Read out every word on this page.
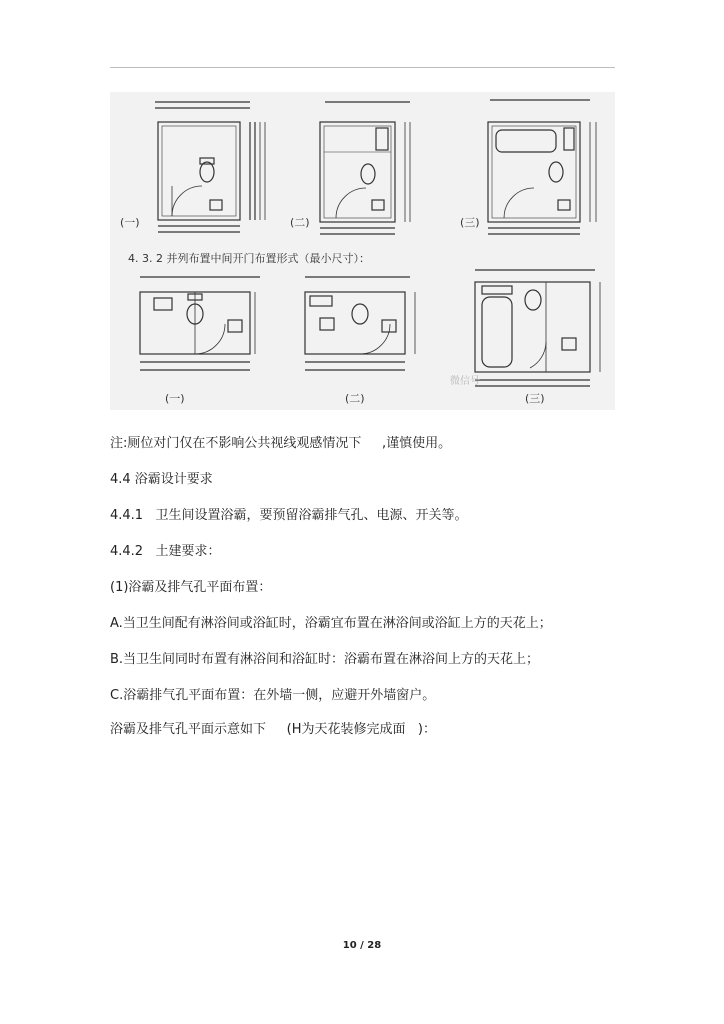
(一)	(二)	(三)
4. 3. 2 并列布置中间开门布置形式（最小尺寸）：
(一)	(二)	(三)
微信号
注:厕位对门仅在不影响公共视线观感情况下     ,谨慎使用。
4.4 浴霸设计要求
4.4.1   卫生间设置浴霸，要预留浴霸排气孔、电源、开关等。
4.4.2   土建要求：
(1)浴霸及排气孔平面布置：
A.当卫生间配有淋浴间或浴缸时，浴霸宜布置在淋浴间或浴缸上方的天花上；
B.当卫生间同时布置有淋浴间和浴缸时：浴霸布置在淋浴间上方的天花上；
C.浴霸排气孔平面布置：在外墙一侧，应避开外墙窗户。
浴霸及排气孔平面示意如下     (H为天花装修完成面   )：
10 / 28
